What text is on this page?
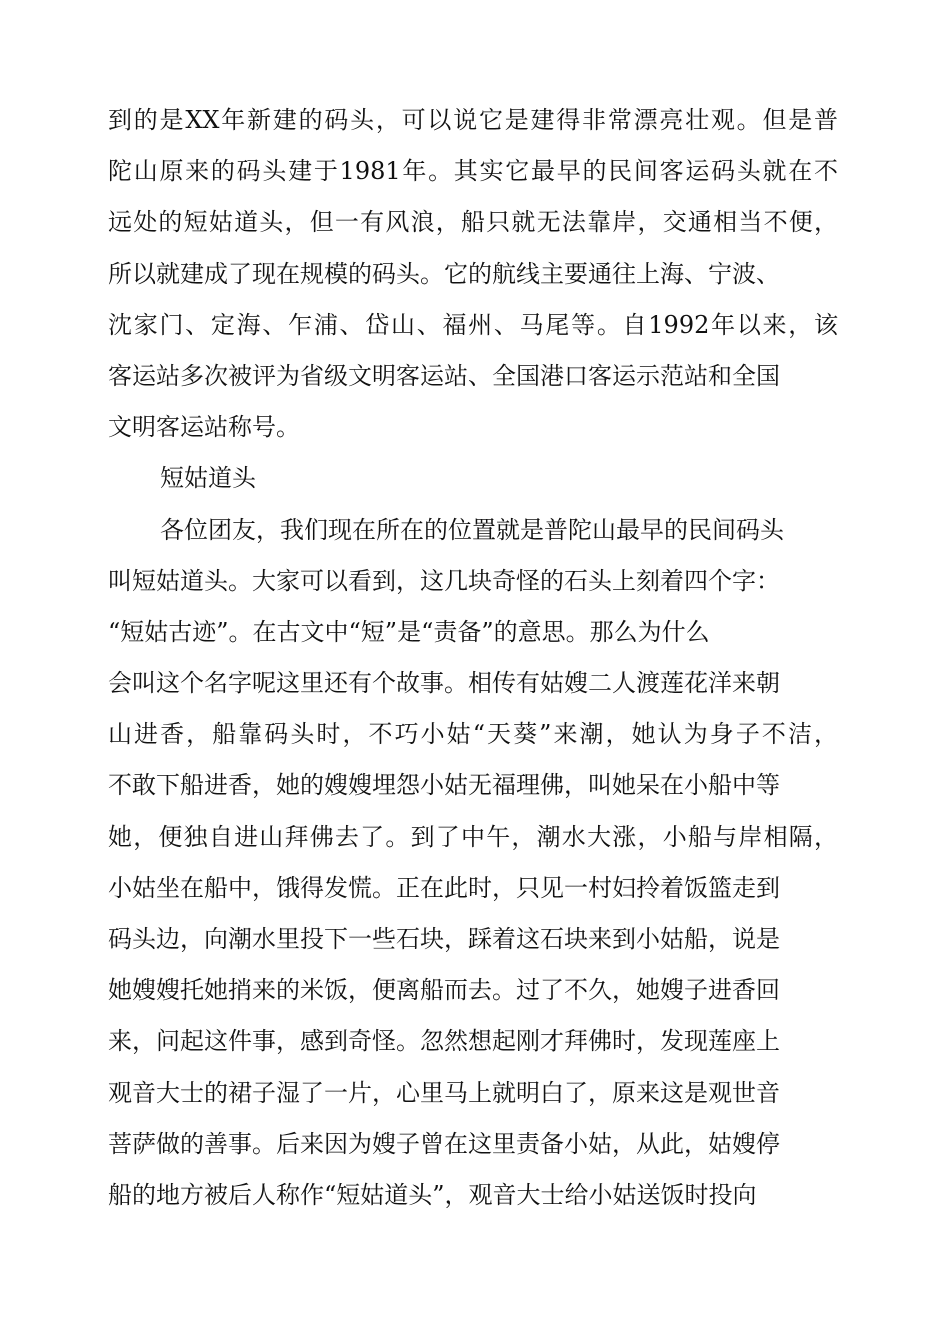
到的是XX年新建的码头，可以说它是建得非常漂亮壮观。但是普
陀山原来的码头建于1981年。其实它最早的民间客运码头就在不
远处的短姑道头，但一有风浪，船只就无法靠岸，交通相当不便，
所以就建成了现在规模的码头。它的航线主要通往上海、宁波、
沈家门、定海、乍浦、岱山、福州、马尾等。自1992年以来，该
客运站多次被评为省级文明客运站、全国港口客运示范站和全国
文明客运站称号。
短姑道头
各位团友，我们现在所在的位置就是普陀山最早的民间码头
叫短姑道头。大家可以看到，这几块奇怪的石头上刻着四个字：
“短姑古迹”。在古文中“短”是“责备”的意思。那么为什么
会叫这个名字呢这里还有个故事。相传有姑嫂二人渡莲花洋来朝
山进香，船靠码头时，不巧小姑“天葵”来潮，她认为身子不洁，
不敢下船进香，她的嫂嫂埋怨小姑无福理佛，叫她呆在小船中等
她，便独自进山拜佛去了。到了中午，潮水大涨，小船与岸相隔，
小姑坐在船中，饿得发慌。正在此时，只见一村妇拎着饭篮走到
码头边，向潮水里投下一些石块，踩着这石块来到小姑船，说是
她嫂嫂托她捎来的米饭，便离船而去。过了不久，她嫂子进香回
来，问起这件事，感到奇怪。忽然想起刚才拜佛时，发现莲座上
观音大士的裙子湿了一片，心里马上就明白了，原来这是观世音
菩萨做的善事。后来因为嫂子曾在这里责备小姑，从此，姑嫂停
船的地方被后人称作“短姑道头”，观音大士给小姑送饭时投向
